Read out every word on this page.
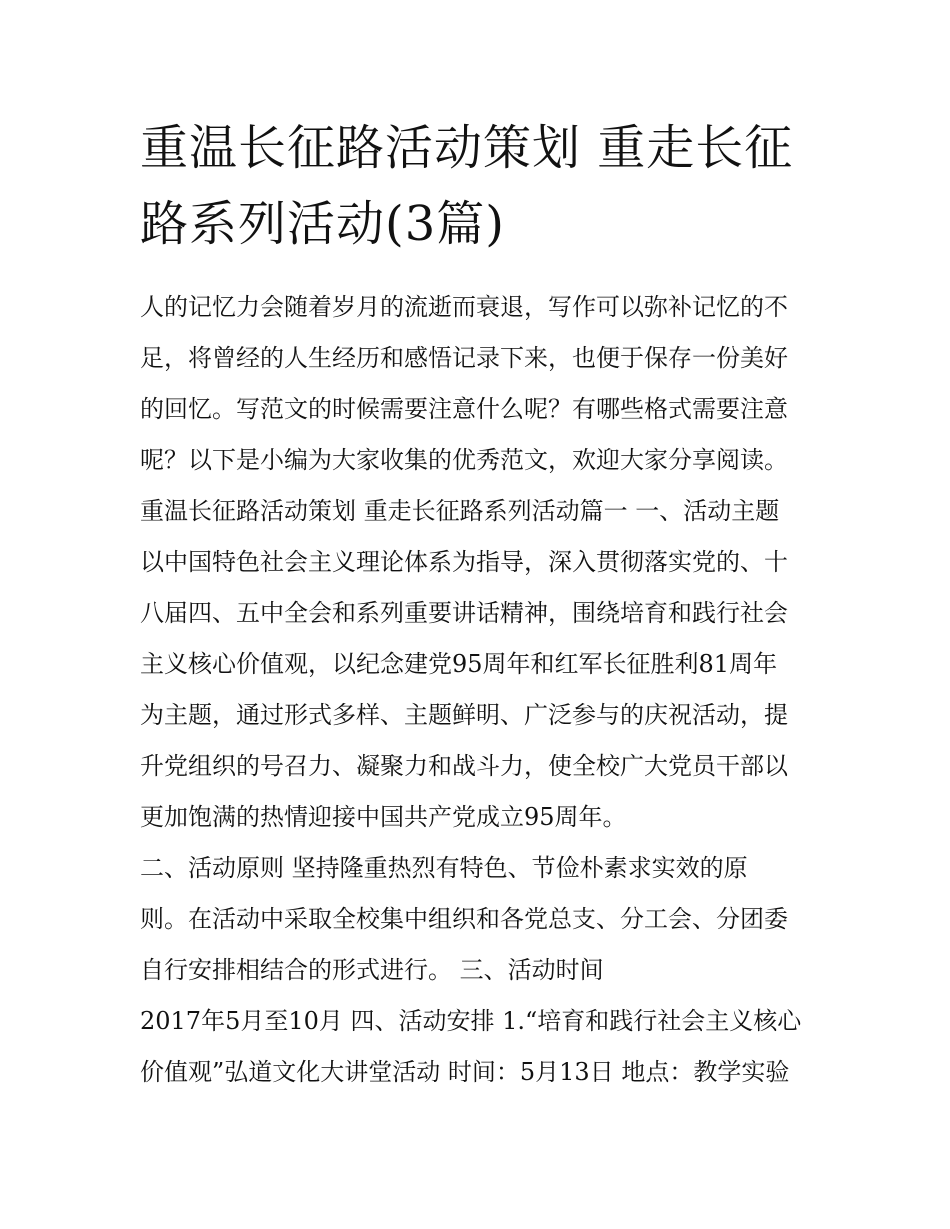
重温长征路活动策划 重走长征
路系列活动(3篇)
人的记忆力会随着岁月的流逝而衰退，写作可以弥补记忆的不
足，将曾经的人生经历和感悟记录下来，也便于保存一份美好
的回忆。写范文的时候需要注意什么呢？有哪些格式需要注意
呢？以下是小编为大家收集的优秀范文，欢迎大家分享阅读。
重温长征路活动策划 重走长征路系列活动篇一 一、活动主题
以中国特色社会主义理论体系为指导，深入贯彻落实党的、十
八届四、五中全会和系列重要讲话精神，围绕培育和践行社会
主义核心价值观，以纪念建党95周年和红军长征胜利81周年
为主题，通过形式多样、主题鲜明、广泛参与的庆祝活动，提
升党组织的号召力、凝聚力和战斗力，使全校广大党员干部以
更加饱满的热情迎接中国共产党成立95周年。
二、活动原则 坚持隆重热烈有特色、节俭朴素求实效的原
则。在活动中采取全校集中组织和各党总支、分工会、分团委
自行安排相结合的形式进行。 三、活动时间
2017年5月至10月 四、活动安排 1.“培育和践行社会主义核心
价值观”弘道文化大讲堂活动 时间：5月13日 地点：教学实验
